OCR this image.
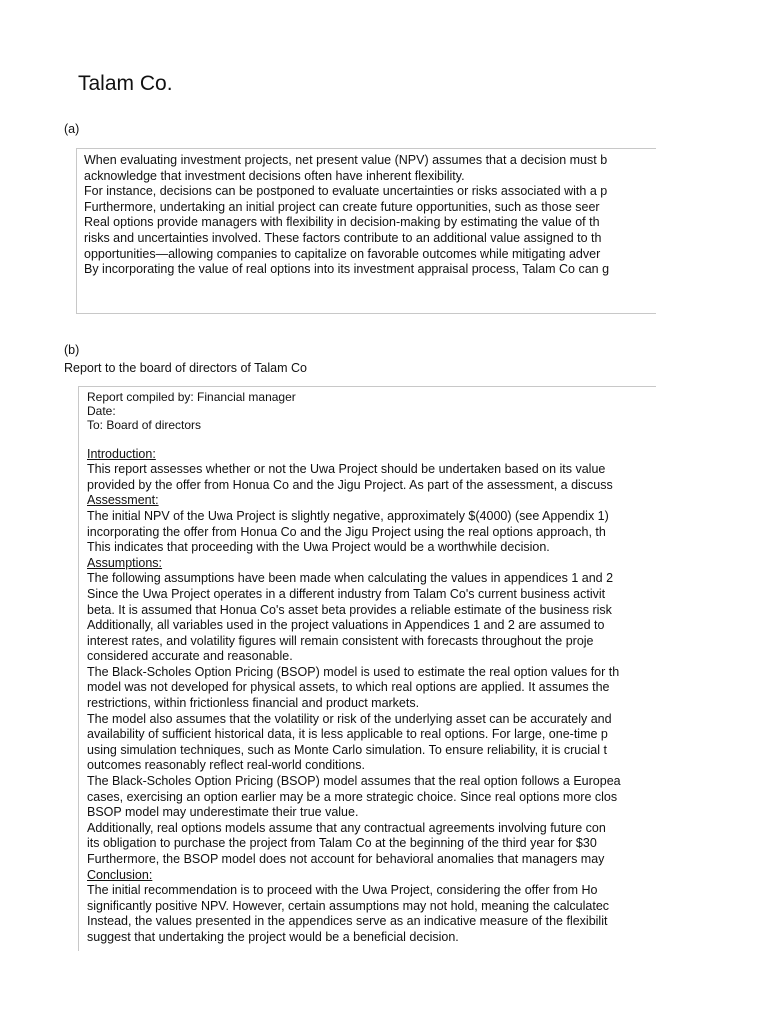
Talam Co.
(a)
When evaluating investment projects, net present value (NPV) assumes that a decision must b
acknowledge that investment decisions often have inherent flexibility.
For instance, decisions can be postponed to evaluate uncertainties or risks associated with a p
Furthermore, undertaking an initial project can create future opportunities, such as those seer
Real options provide managers with flexibility in decision-making by estimating the value of th
risks and uncertainties involved. These factors contribute to an additional value assigned to th
opportunities—allowing companies to capitalize on favorable outcomes while mitigating adver
By incorporating the value of real options into its investment appraisal process, Talam Co can g
(b)
Report to the board of directors of Talam Co
Report compiled by: Financial manager
Date:
To: Board of directors
Introduction:
This report assesses whether or not the Uwa Project should be undertaken based on its value
provided by the offer from Honua Co and the Jigu Project. As part of the assessment, a discuss
Assessment:
The initial NPV of the Uwa Project is slightly negative, approximately $(4000) (see Appendix 1)
incorporating the offer from Honua Co and the Jigu Project using the real options approach, th
This indicates that proceeding with the Uwa Project would be a worthwhile decision.
Assumptions:
The following assumptions have been made when calculating the values in appendices 1 and 2
Since the Uwa Project operates in a different industry from Talam Co's current business activit
beta. It is assumed that Honua Co's asset beta provides a reliable estimate of the business risk
Additionally, all variables used in the project valuations in Appendices 1 and 2 are assumed to
interest rates, and volatility figures will remain consistent with forecasts throughout the proje
considered accurate and reasonable.
The Black-Scholes Option Pricing (BSOP) model is used to estimate the real option values for th
model was not developed for physical assets, to which real options are applied. It assumes the
restrictions, within frictionless financial and product markets.
The model also assumes that the volatility or risk of the underlying asset can be accurately and
availability of sufficient historical data, it is less applicable to real options. For large, one-time p
using simulation techniques, such as Monte Carlo simulation. To ensure reliability, it is crucial t
outcomes reasonably reflect real-world conditions.
The Black-Scholes Option Pricing (BSOP) model assumes that the real option follows a Europea
cases, exercising an option earlier may be a more strategic choice. Since real options more clos
BSOP model may underestimate their true value.
Additionally, real options models assume that any contractual agreements involving future con
its obligation to purchase the project from Talam Co at the beginning of the third year for $30
Furthermore, the BSOP model does not account for behavioral anomalies that managers may
Conclusion:
The initial recommendation is to proceed with the Uwa Project, considering the offer from Ho
significantly positive NPV. However, certain assumptions may not hold, meaning the calculatec
Instead, the values presented in the appendices serve as an indicative measure of the flexibilit
suggest that undertaking the project would be a beneficial decision.
